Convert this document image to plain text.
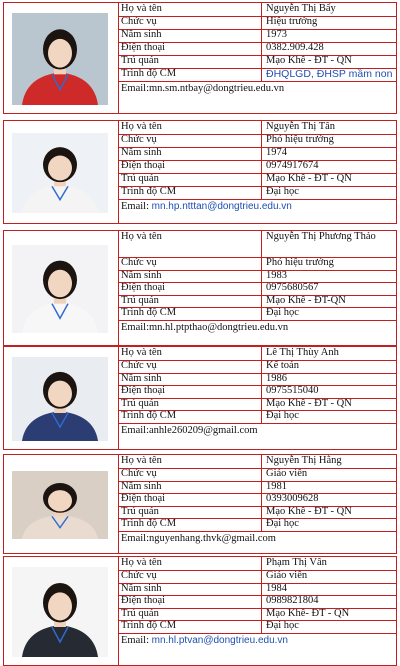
Họ và tên	Nguyễn Thị Bẩy
Chức vụ	Hiệu trưởng
Năm sinh	1973
Điện thoại	0382.909.428
Trú quán	Mạo Khê - ĐT - QN
Trình độ CM	ĐHQLGD, ĐHSP mầm non
Email:mn.sm.ntbay@dongtrieu.edu.vn
Họ và tên	Nguyễn Thị Tân
Chức vụ	Phó hiệu trưởng
Năm sinh	1974
Điện thoại	0974917674
Trú quán	Mạo Khê - ĐT - QN
Trình độ CM	Đại học
Email: mn.hp.ntttan@dongtrieu.edu.vn
Họ và tên	Nguyễn Thị Phương Thảo
Chức vụ	Phó hiệu trưởng
Năm sinh	1983
Điện thoại	0975680567
Trú quán	Mạo Khê - ĐT-QN
Trình độ CM	Đại học
Email:mn.hl.ptpthao@dongtrieu.edu.vn
Họ và tên	Lê Thị Thùy Anh
Chức vụ	Kế toán
Năm sinh	1986
Điện thoại	0975515040
Trú quán	Mạo Khê - ĐT - QN
Trình độ CM	Đại học
Email:anhle260209@gmail.com
Họ và tên	Nguyễn Thị Hằng
Chức vụ	Giáo viên
Năm sinh	1981
Điện thoại	0393009628
Trú quán	Mạo Khê - ĐT - QN
Trình độ CM	Đại học
Email:nguyenhang.thvk@gmail.com
Họ và tên	Phạm Thị Vân
Chức vụ	Giáo viên
Năm sinh	1984
Điện thoại	0989821804
Trú quán	Mạo Khê- ĐT - QN
Trình độ CM	Đại học
Email: mn.hl.ptvan@dongtrieu.edu.vn
